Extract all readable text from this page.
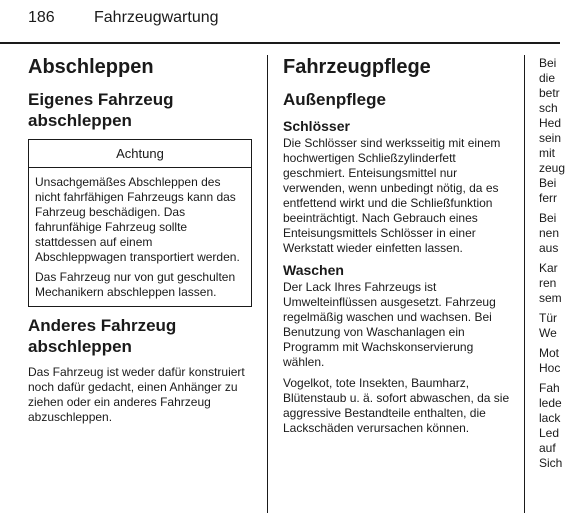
186 Fahrzeugwartung
Abschleppen
Eigenes Fahrzeug abschleppen
Achtung

Unsachgemäßes Abschleppen des nicht fahrfähigen Fahrzeugs kann das Fahrzeug beschädigen. Das fahrunfähige Fahrzeug sollte stattdessen auf einem Abschleppwagen transportiert werden.

Das Fahrzeug nur von gut geschulten Mechanikern abschleppen lassen.

Anderes Fahrzeug abschleppen

Das Fahrzeug ist weder dafür konstruiert noch dafür gedacht, einen Anhänger zu ziehen oder ein anderes Fahrzeug abzuschleppen.

Fahrzeugpflege
Außenpflege
Schlösser

Die Schlösser sind werksseitig mit einem hochwertigen Schließzylinderfett geschmiert. Enteisungsmittel nur verwenden, wenn unbedingt nötig, da es entfettend wirkt und die Schließfunktion beeinträchtigt. Nach Gebrauch eines Enteisungsmittels Schlösser in einer Werkstatt wieder einfetten lassen.

Waschen

Der Lack Ihres Fahrzeugs ist Umwelteinflüssen ausgesetzt. Fahrzeug regelmäßig waschen und wachsen. Bei Benutzung von Waschanlagen ein Programm mit Wachskonservierung wählen.

Vogelkot, tote Insekten, Baumharz, Blütenstaub u. ä. sofort abwaschen, da sie aggressive Bestandteile enthalten, die Lackschäden verursachen können.

Bei
die
betr
sch
Hed
sein
mit
zeug
Bei
ferr
Bei
nen
aus
Kar
ren
sem
Tür
We
Mot
Hoc
Fah
lede
lack
Led
auf
Sich
